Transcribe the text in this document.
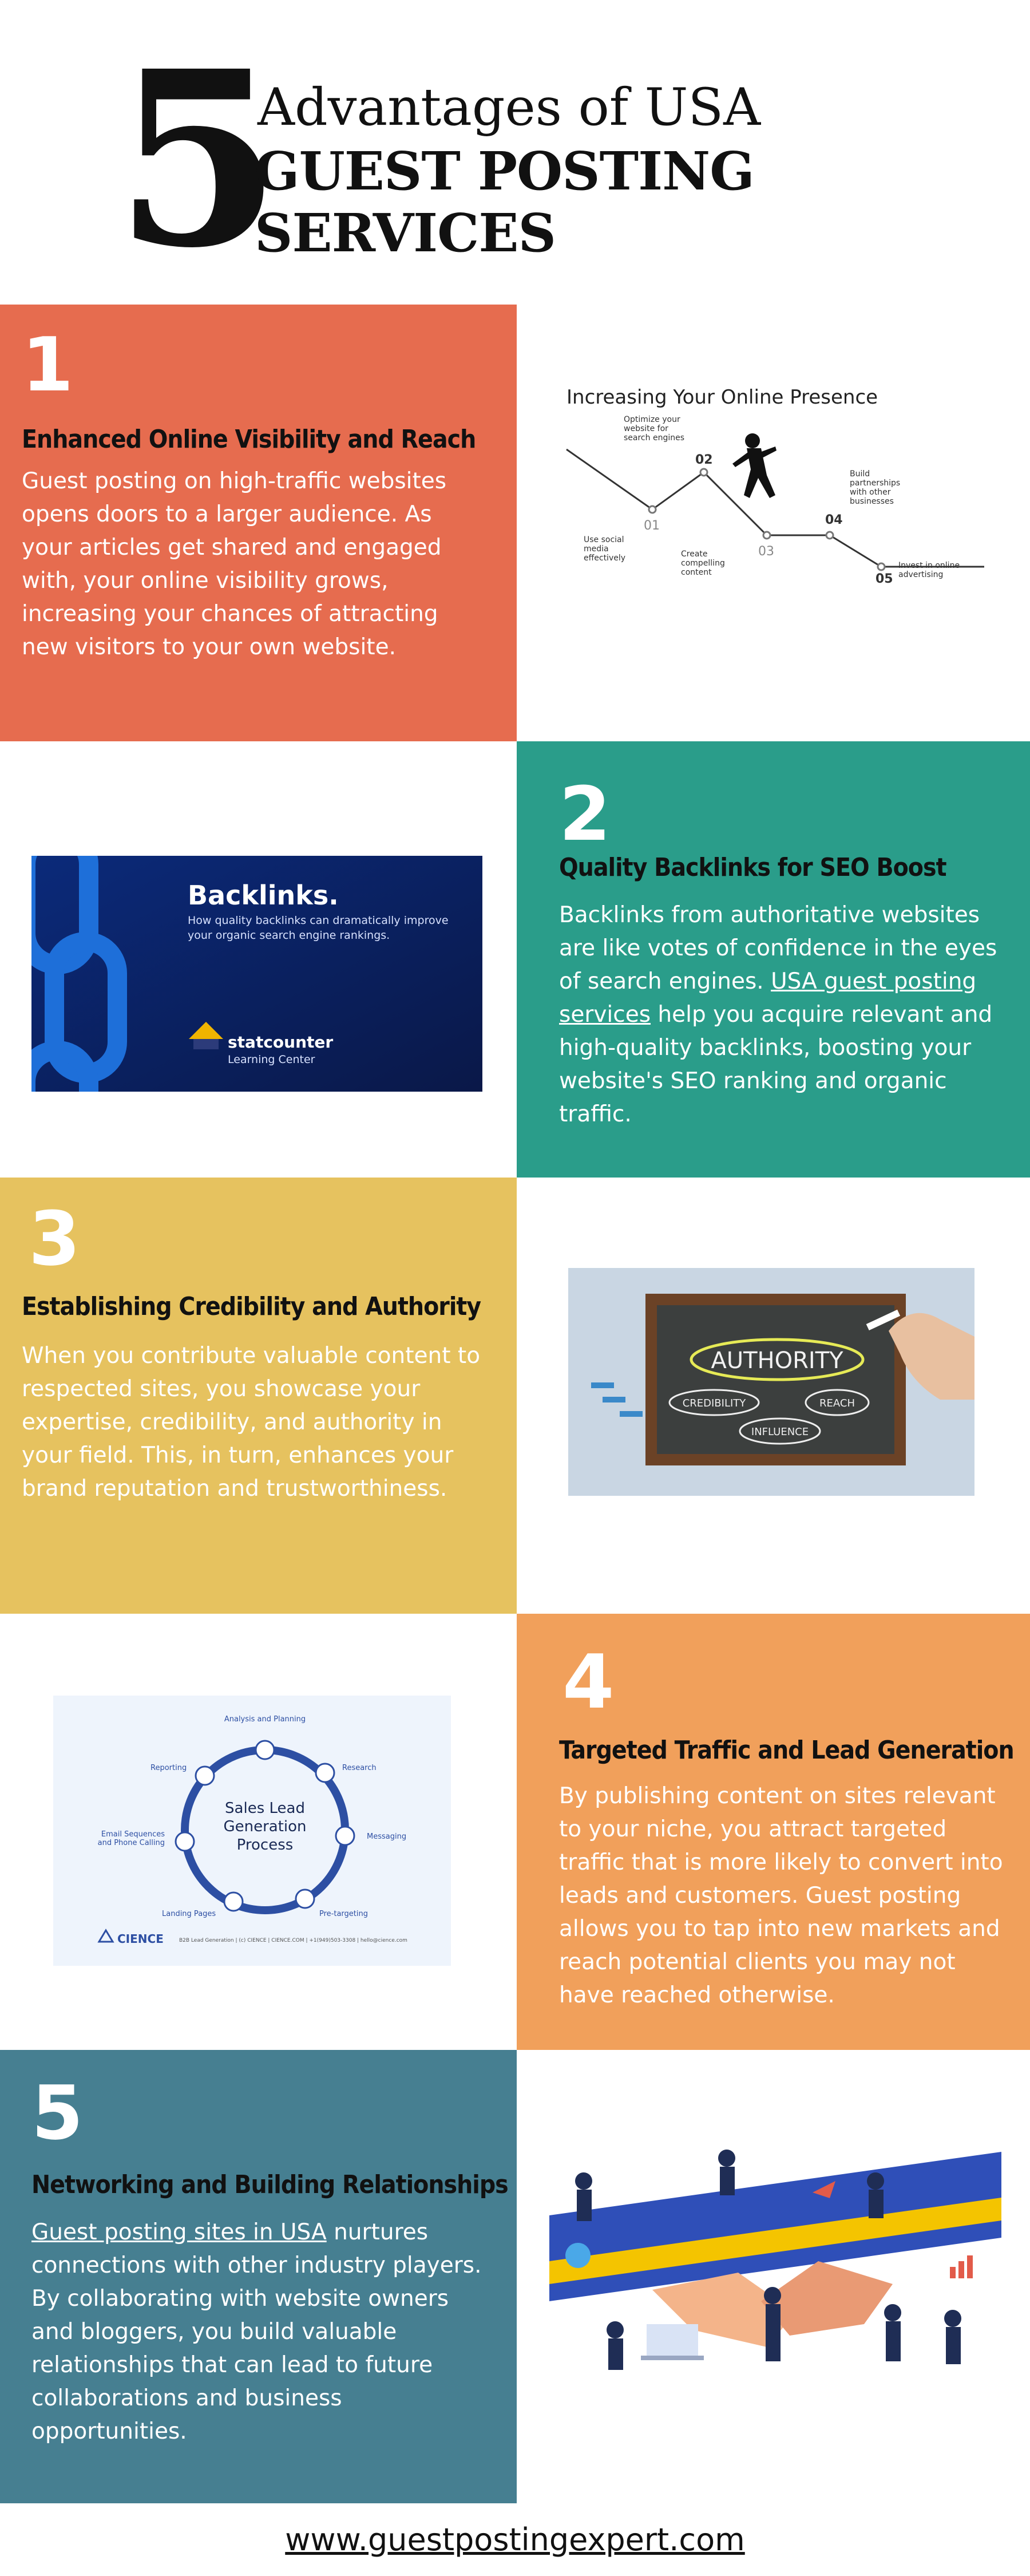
5
Advantages of USA
GUEST POSTING SERVICES
1
Enhanced Online Visibility and Reach
Guest posting on high-traffic websites opens doors to a larger audience. As your articles get shared and engaged with, your online visibility grows, increasing your chances of attracting new visitors to your own website.
Increasing Your Online Presence
01
02
03
04
05
Use social media effectively
Optimize your website for search engines
Create compelling content
Build partnerships with other businesses
Invest in online advertising
Backlinks.
How quality backlinks can dramatically improve your organic search engine rankings.
statcounter
Learning Center
2
Quality Backlinks for SEO Boost
Backlinks from authoritative websites are like votes of confidence in the eyes of search engines. USA guest posting services help you acquire relevant and high-quality backlinks, boosting your website's SEO ranking and organic traffic.
3
Establishing Credibility and Authority
When you contribute valuable content to respected sites, you showcase your expertise, credibility, and authority in your field. This, in turn, enhances your brand reputation and trustworthiness.
AUTHORITY
CREDIBILITY	REACH
INFLUENCE
Sales Lead
Generation
Process
Analysis and Planning
Research
Messaging
Pre-targeting
Landing Pages
Email Sequences and Phone Calling
Reporting
CIENCE	B2B Lead Generation | (c) CIENCE | CIENCE.COM | +1(949)503-3308 | hello@cience.com
4
Targeted Traffic and Lead Generation
By publishing content on sites relevant to your niche, you attract targeted traffic that is more likely to convert into leads and customers. Guest posting allows you to tap into new markets and reach potential clients you may not have reached otherwise.
5
Networking and Building Relationships
Guest posting sites in USA nurtures connections with other industry players. By collaborating with website owners and bloggers, you build valuable relationships that can lead to future collaborations and business opportunities.
www.guestpostingexpert.com
